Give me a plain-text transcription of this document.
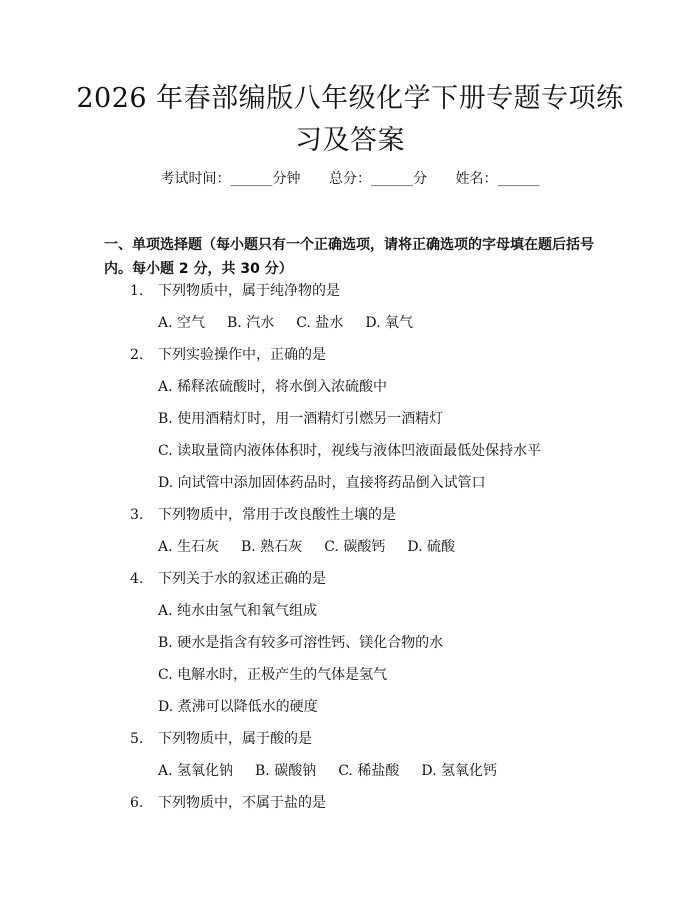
2026 年春部编版八年级化学下册专题专项练
习及答案
考试时间：______分钟 总分：______分 姓名：______
一、单项选择题（每小题只有一个正确选项，请将正确选项的字母填在题后括号
内。每小题 2 分，共 30 分）
1. 下列物质中，属于纯净物的是
A. 空气 B. 汽水 C. 盐水 D. 氧气
2. 下列实验操作中，正确的是
A. 稀释浓硫酸时，将水倒入浓硫酸中
B. 使用酒精灯时，用一酒精灯引燃另一酒精灯
C. 读取量筒内液体体积时，视线与液体凹液面最低处保持水平
D. 向试管中添加固体药品时，直接将药品倒入试管口
3. 下列物质中，常用于改良酸性土壤的是
A. 生石灰 B. 熟石灰 C. 碳酸钙 D. 硫酸
4. 下列关于水的叙述正确的是
A. 纯水由氢气和氧气组成
B. 硬水是指含有较多可溶性钙、镁化合物的水
C. 电解水时，正极产生的气体是氢气
D. 煮沸可以降低水的硬度
5. 下列物质中，属于酸的是
A. 氢氧化钠 B. 碳酸钠 C. 稀盐酸 D. 氢氧化钙
6. 下列物质中，不属于盐的是
